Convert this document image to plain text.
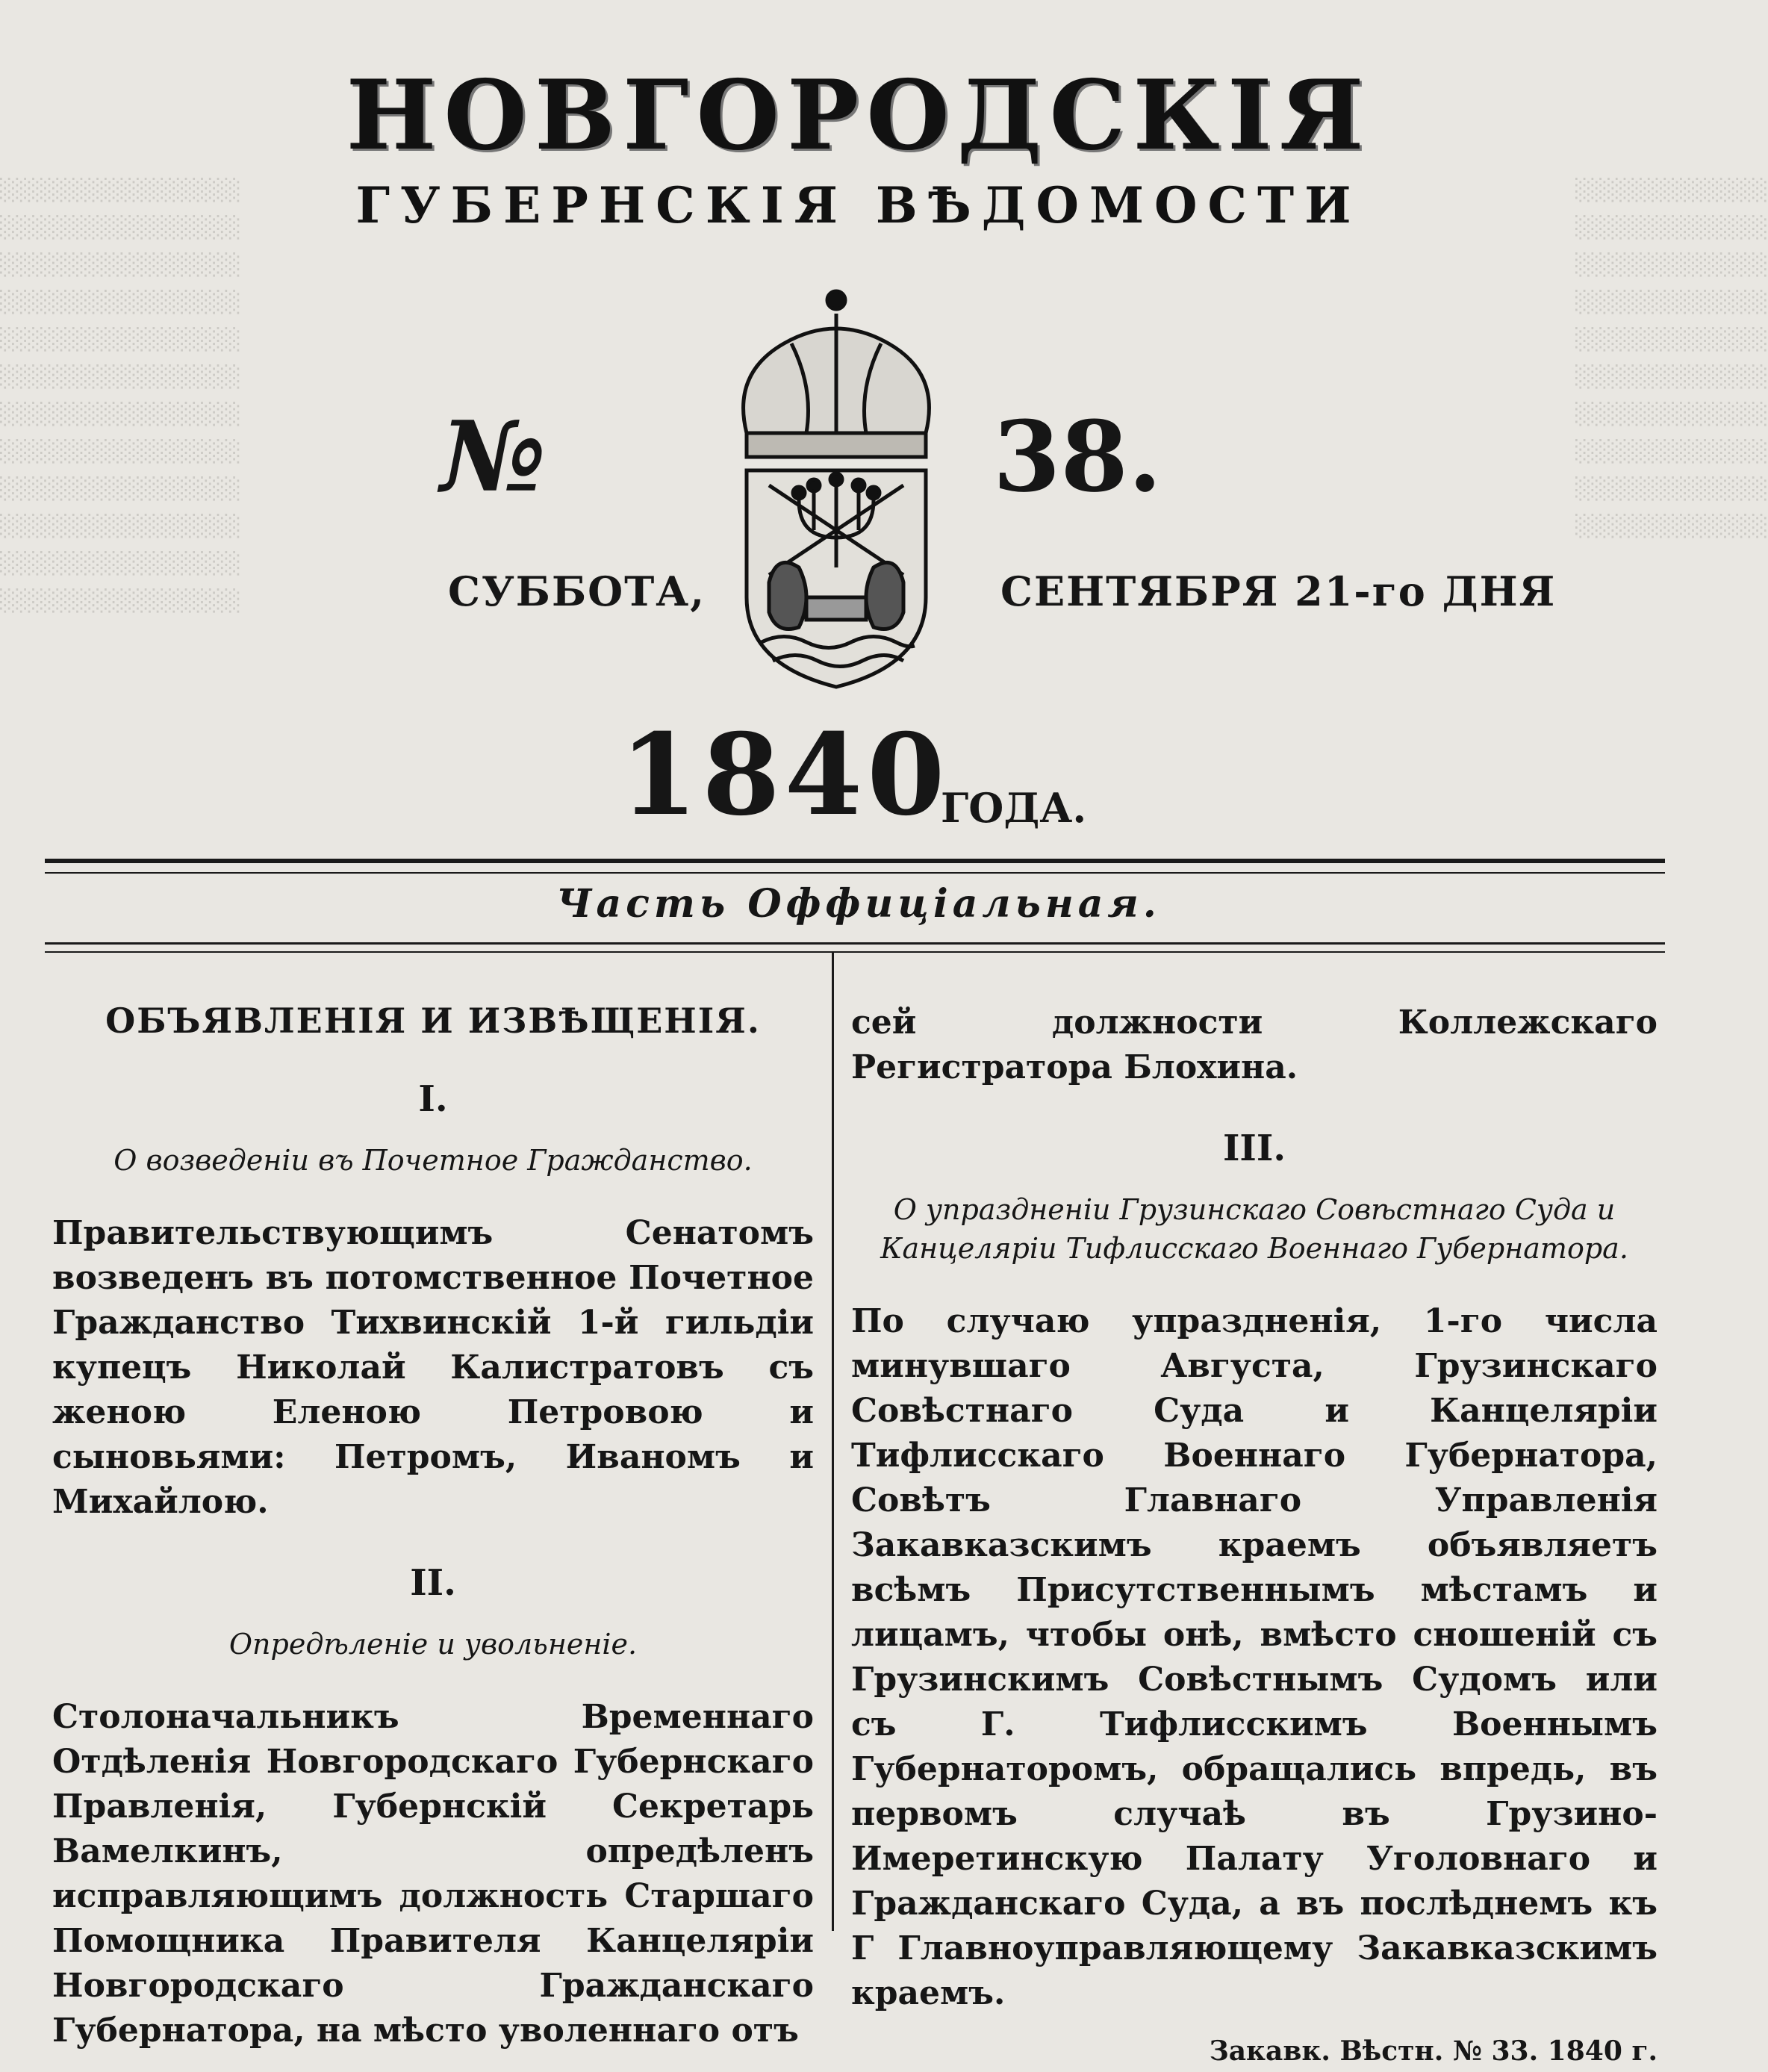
░░░░░░░░░░░░░░░
░░░░░░░░░░░░░░░
░░░░░░░░░░░░░░░
░░░░░░░░░░░░░░░
░░░░░░░░░░░░░░░
░░░░░░░░░░░░░░░
░░░░░░░░░░░░░░░
░░░░░░░░░░░░░░░
░░░░░░░░░░░░░░░
░░░░░░░░░░░░░░░
░░░░░░░░░░░░░░░
░░░░░░░░░░░░░░░
░░░░░░░░░░░░
░░░░░░░░░░░░
░░░░░░░░░░░░
░░░░░░░░░░░░
░░░░░░░░░░░░
░░░░░░░░░░░░
░░░░░░░░░░░░
░░░░░░░░░░░░
░░░░░░░░░░░░
░░░░░░░░░░░░
НОВГОРОДСКІЯ
ГУБЕРНСКІЯ ВѢДОМОСТИ
№	38.
СУББОТА,	СЕНТЯБРЯ 21-го ДНЯ
1840
ГОДА.
Часть Оффиціальная.
ОБЪЯВЛЕНІЯ И ИЗВѢЩЕНІЯ.
I.
О возведеніи въ Почетное Гражданство.

Правительствующимъ Сенатомъ возведенъ въ потомственное Почетное Гражданство Тихвинскій 1-й гильдіи купецъ Николай Калистратовъ съ женою Еленою Петровою и сыновьями: Петромъ, Иваномъ и Михайлою.

II.
Опредѣленіе и увольненіе.

Столоначальникъ Временнаго Отдѣленія Новгородскаго Губернскаго Правленія, Губернскій Секретарь Вамелкинъ, опредѣленъ исправляющимъ должность Старшаго Помощника Правителя Канцеляріи Новгородскаго Гражданскаго Губернатора, на мѣсто уволеннаго отъ

сей должности Коллежскаго Регистратора Блохина.

III.
О упраздненіи Грузинскаго Совѣстнаго Суда и Канцеляріи Тифлисскаго Военнаго Губернатора.

По случаю упраздненія, 1-го числа минувшаго Августа, Грузинскаго Совѣстнаго Суда и Канцеляріи Тифлисскаго Военнаго Губернатора, Совѣтъ Главнаго Управленія Закавказскимъ краемъ объявляетъ всѣмъ Присутственнымъ мѣстамъ и лицамъ, чтобы онѣ, вмѣсто сношеній съ Грузинскимъ Совѣстнымъ Судомъ или съ Г. Тифлисскимъ Военнымъ Губернаторомъ, обращались впредь, въ первомъ случаѣ въ Грузино-Имеретинскую Палату Уголовнаго и Гражданскаго Суда, а въ послѣднемъ къ Г Главноуправляющему Закавказскимъ краемъ.

Закавк. Вѣстн. № 33. 1840 г.
